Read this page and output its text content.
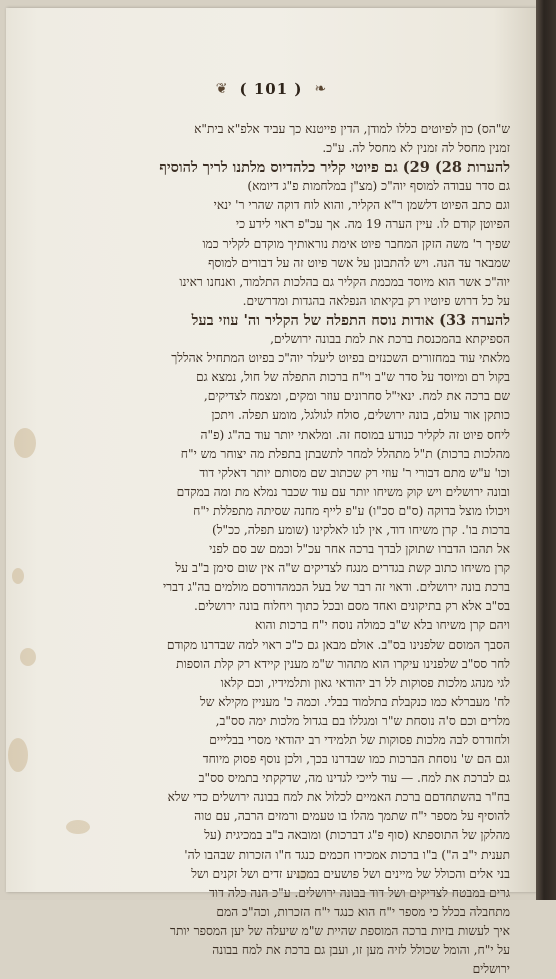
❦ ( 101 ) ❧
ש"הס) כון לפיוטים כללו למודן, הדין פייטנא כך עביד אלפ"א בית"א
זמנין מחסל לה זמנין לא מחסל לה. ע"כ.
להערות 28) 29) גם פיוטי קליר כלהדיוס מלתנו לריך להוסיף
גם סדר עבודה למוסף יוה"כ (מצ"ן במלחמות פ"ג דיומא)
וגם כתב הפיוט דלשמן ר"א הקליר, והוא לוח דוקה שהרי ר' ינאי
הפיוטן קודם לו. עיין הערה 19 מה. אך עכ"פ ראוי לידע כי
שפיך ר' משה הזקן המחבר פיוט אימת נוראותיך מוקדם לקליר כמו
שמבאר עד הנה. ויש להתבונן על אשר פיוט זה על דבורים למוסף
יוה"כ אשר הוא מיוסד במכמת הקליר גם בהלכות התלמוד, ואנחנו ראינו
על כל דרוש פיוטיו רק בקיאתו הנפלאה בהגדות ומדרשים.
להערה 33) אודות נוסח התפלה של הקליר וה' עוזי בעל
הספיקתא בהמכנסת ברכת את למת בבונה ירושלים,
מלאתי עוד במחזורים השכנזים בפיוט ליעלר יוה"כ בפיוט המתחיל אהללך
בקול רם ומיוסד על סדר ש"ב וי"ח ברכות התפלה של חול, נמצא גם
שם ברכה את למח. ינאי"ל סחרונים עוזר ומקים, ומצמח לצדיקים,
כותקן אור עולם, בונה ירושלים, סולח לגולגל, מומע תפלה. ויתכן
ליחס פיוט זה לקליר כנודע במוסח זה. ומלאתי יותר עוד בה"ג (פ"ה
מהלכות ברכות) ת"ל מתהלל למחר לתשבתן בתפלת מה יצוחר מש י"ח
וכו' ע"ש מתם דבורי ר' עוזי רק שכתוב שם מסותם יותר דאלקי דוד
ובונה ירושלים ויש קוק משיחו יותר עם עוד שכבר נמלא מת ומה במקדם
ויכולו מוצל בדוקה (ס"ם סכ"ו) ע"פ לייף מחנה שסיתה מתפללת י"ח
ברכות בו'. קרן משיחו דוד, אין לנו לאלקינו (שומע תפלה, ככ"ל)
אל תהבו הדברו שתוקן לבדך ברכה אחר עכ"ל וכמם שב סם לפני
קרן משיחו כתוב קשת בגדרים מנגח לצדיקים ש"ה אין שום סימן ב"ב על
ברכת בונה ירושלים. ודאוי זה רבר של בעל הכמהדורסם מולמים בה"ג דברי
בס"ב אלא רק בתיקונים ואחד מסם ובכל כתוך ויחלוח בונה ירושלים.
ויהם קרן משיחו בלא ש"ב כמולה נוסח י"ח ברכות והוא
הסבך המוסם שלפנינו בס"ב. אולם מבאן גם כ"כ ראוי למה שבדרנו מקודם
לחר סס"ב שלפנינו עיקרו הוא מתהור ש"מ מענין קיידא רק קלת הוספות
לגי מנהג מלכות פסוקות לל רב יהודאי גאון ותלמידיו, וכם קלאו
לח' מעברלא כמו כנקבלת בתלמוד בבלי. וכמה כ' מעניין מקילא של
מלרים וכם ס'ה נוסחת ש"ר ומגללו בם בגדול מלכות ימה סס"ב,
ולחודרס לבה מלכות פסוקות של תלמידי רב יהודאי מסרי בבלייים
וגם הם ש' נוסחת הברכות כמו שבדרנו בכך, ולכן נוסף פסוק מיוחד
גם לברכת את למח. — עוד לייכי לגדינו מה, שדקקתי בתמיס סס"ב
בח"ר בהשתחדםם ברכת האמיים לכלול את למח בבונה ירושלים כדי שלא
להוסיף על מספר י"ח שתמך מהלו בו טעמים ורמזים הרבה, עם טוה
מהלקן של התוספתא (סוף פ"ג דברכות) ומובאה ב"ב במכיגית (על
תענית י"ב ה") ב"ו ברכות אמכירו חכמים כנגד ח"ו הזכרות שבהבו לה'
בני אלים והכולל של מיינים ושל פושעים במכניע זדים ושל זקנים ושל
גרים במבטח לצדיקים ושל דוד בבונה ירושלים. ע"כ הנה כלה דוד
מתחבלה בכלל כי מספר י"ח הוא כנגד י"ח הזכרות, וכה"כ המם
איך לעשות בזיות ברכה המוספת שהיית ש"מ שיעלה של יען המספר יותר
על י"ח, והומל שכולל לזיה מען זו, ועבן גם ברכת את למח בבונה
ירושלים
